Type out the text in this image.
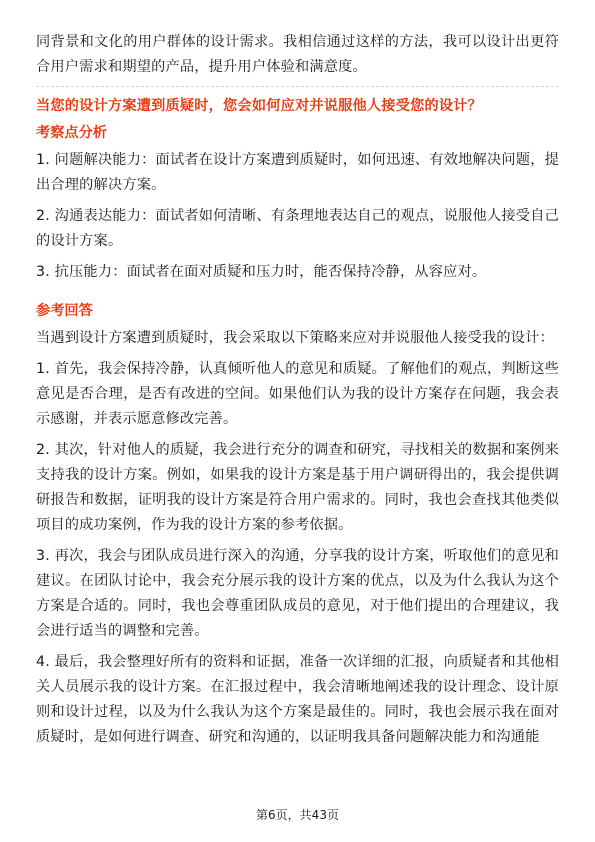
同背景和文化的用户群体的设计需求。我相信通过这样的方法，我可以设计出更符合用户需求和期望的产品，提升用户体验和满意度。

当您的设计方案遭到质疑时，您会如何应对并说服他人接受您的设计？
考察点分析

1. 问题解决能力：面试者在设计方案遭到质疑时，如何迅速、有效地解决问题，提出合理的解决方案。

2. 沟通表达能力：面试者如何清晰、有条理地表达自己的观点，说服他人接受自己的设计方案。

3. 抗压能力：面试者在面对质疑和压力时，能否保持冷静，从容应对。

参考回答

当遇到设计方案遭到质疑时，我会采取以下策略来应对并说服他人接受我的设计：

1. 首先，我会保持冷静，认真倾听他人的意见和质疑。了解他们的观点，判断这些意见是否合理，是否有改进的空间。如果他们认为我的设计方案存在问题，我会表示感谢，并表示愿意修改完善。

2. 其次，针对他人的质疑，我会进行充分的调查和研究，寻找相关的数据和案例来支持我的设计方案。例如，如果我的设计方案是基于用户调研得出的，我会提供调研报告和数据，证明我的设计方案是符合用户需求的。同时，我也会查找其他类似项目的成功案例，作为我的设计方案的参考依据。

3. 再次，我会与团队成员进行深入的沟通，分享我的设计方案，听取他们的意见和建议。在团队讨论中，我会充分展示我的设计方案的优点，以及为什么我认为这个方案是合适的。同时，我也会尊重团队成员的意见，对于他们提出的合理建议，我会进行适当的调整和完善。

4. 最后，我会整理好所有的资料和证据，准备一次详细的汇报，向质疑者和其他相关人员展示我的设计方案。在汇报过程中，我会清晰地阐述我的设计理念、设计原则和设计过程，以及为什么我认为这个方案是最佳的。同时，我也会展示我在面对质疑时，是如何进行调查、研究和沟通的，以证明我具备问题解决能力和沟通能

第6页，共43页
